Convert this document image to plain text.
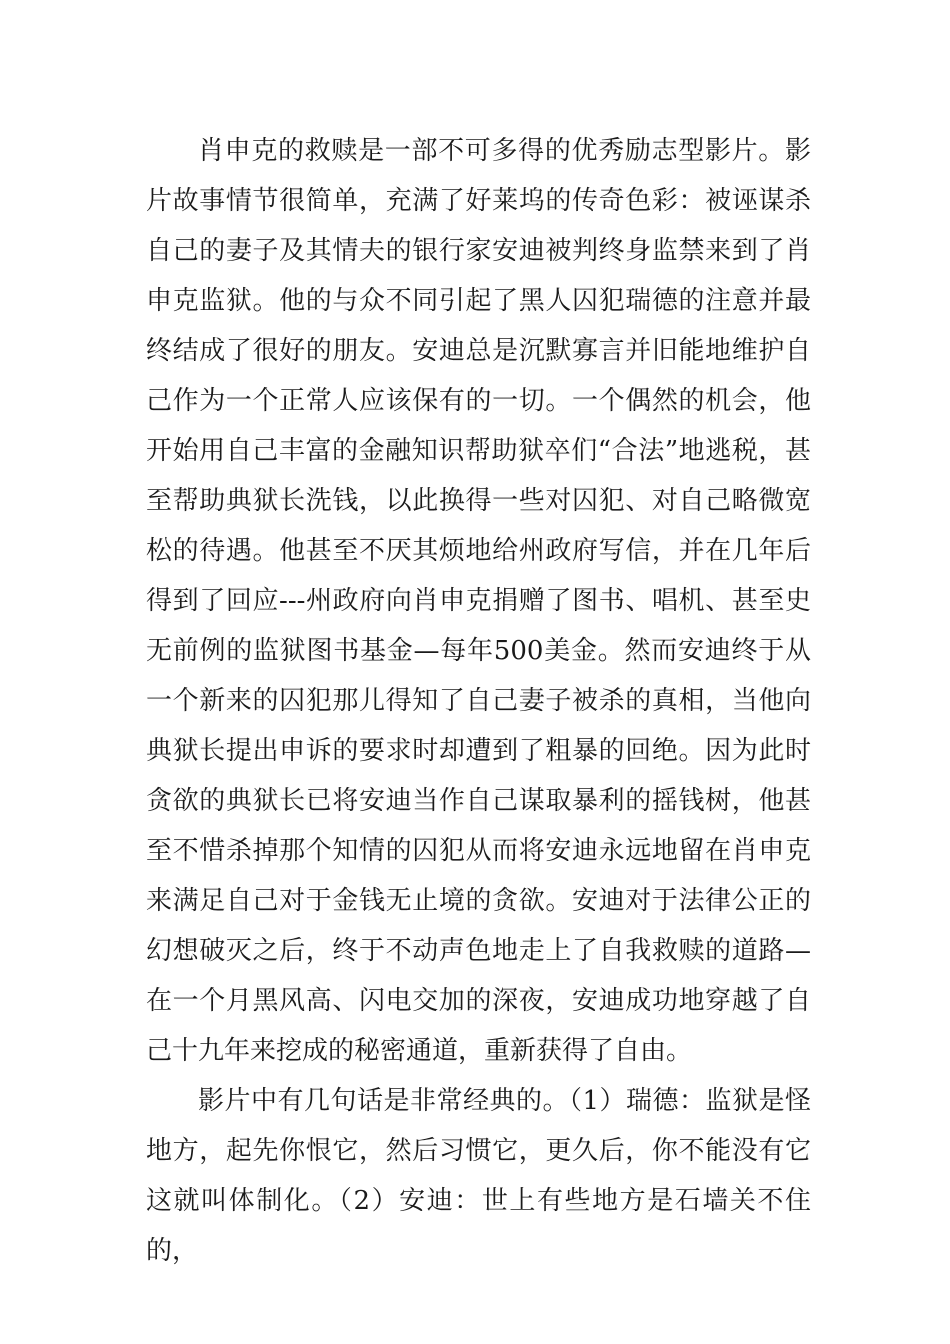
肖申克的救赎是一部不可多得的优秀励志型影片。影片故事情节很简单，充满了好莱坞的传奇色彩：被诬谋杀自己的妻子及其情夫的银行家安迪被判终身监禁来到了肖申克监狱。他的与众不同引起了黑人囚犯瑞德的注意并最终结成了很好的朋友。安迪总是沉默寡言并旧能地维护自己作为一个正常人应该保有的一切。一个偶然的机会，他开始用自己丰富的金融知识帮助狱卒们“合法”地逃税，甚至帮助典狱长洗钱，以此换得一些对囚犯、对自己略微宽松的待遇。他甚至不厌其烦地给州政府写信，并在几年后得到了回应---州政府向肖申克捐赠了图书、唱机、甚至史无前例的监狱图书基金—每年500美金。然而安迪终于从一个新来的囚犯那儿得知了自己妻子被杀的真相，当他向典狱长提出申诉的要求时却遭到了粗暴的回绝。因为此时贪欲的典狱长已将安迪当作自己谋取暴利的摇钱树，他甚至不惜杀掉那个知情的囚犯从而将安迪永远地留在肖申克来满足自己对于金钱无止境的贪欲。安迪对于法律公正的幻想破灭之后，终于不动声色地走上了自我救赎的道路—在一个月黑风高、闪电交加的深夜，安迪成功地穿越了自己十九年来挖成的秘密通道，重新获得了自由。

影片中有几句话是非常经典的。（1）瑞德：监狱是怪地方，起先你恨它，然后习惯它，更久后，你不能没有它这就叫体制化。（2）安迪：世上有些地方是石墙关不住的，
